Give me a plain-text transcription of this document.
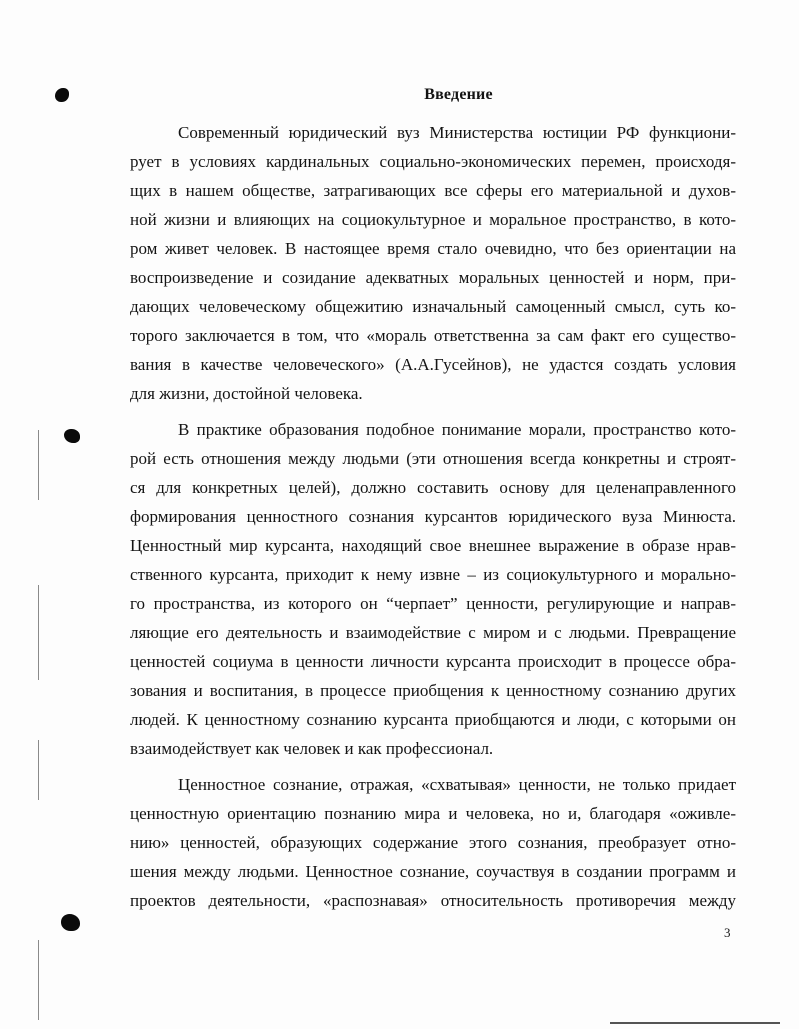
Введение
Современный юридический вуз Министерства юстиции РФ функциони-
рует в условиях кардинальных социально-экономических перемен, происходя-
щих в нашем обществе, затрагивающих все сферы его материальной и духов-
ной жизни и влияющих на социокультурное и моральное пространство, в кото-
ром живет человек. В настоящее время стало очевидно, что без ориентации на
воспроизведение и созидание адекватных моральных ценностей и норм, при-
дающих человеческому общежитию изначальный самоценный смысл, суть ко-
торого заключается в том, что «мораль ответственна за сам факт его существо-
вания в качестве человеческого» (А.А.Гусейнов), не удастся создать условия
для жизни, достойной человека.
В практике образования подобное понимание морали, пространство кото-
рой есть отношения между людьми (эти отношения всегда конкретны и строят-
ся для конкретных целей), должно составить основу для целенаправленного
формирования ценностного сознания курсантов юридического вуза Минюста.
Ценностный мир курсанта, находящий свое внешнее выражение в образе нрав-
ственного курсанта, приходит к нему извне – из социокультурного и морально-
го пространства, из которого он “черпает” ценности, регулирующие и направ-
ляющие его деятельность и взаимодействие с миром и с людьми. Превращение
ценностей социума в ценности личности курсанта происходит в процессе обра-
зования и воспитания, в процессе приобщения к ценностному сознанию других
людей. К ценностному сознанию курсанта приобщаются и люди, с которыми он
взаимодействует как человек и как профессионал.
Ценностное сознание, отражая, «схватывая» ценности, не только придает
ценностную ориентацию познанию мира и человека, но и, благодаря «оживле-
нию» ценностей, образующих содержание этого сознания, преобразует отно-
шения между людьми. Ценностное сознание, соучаствуя в создании программ и
проектов деятельности, «распознавая» относительность противоречия между
3
